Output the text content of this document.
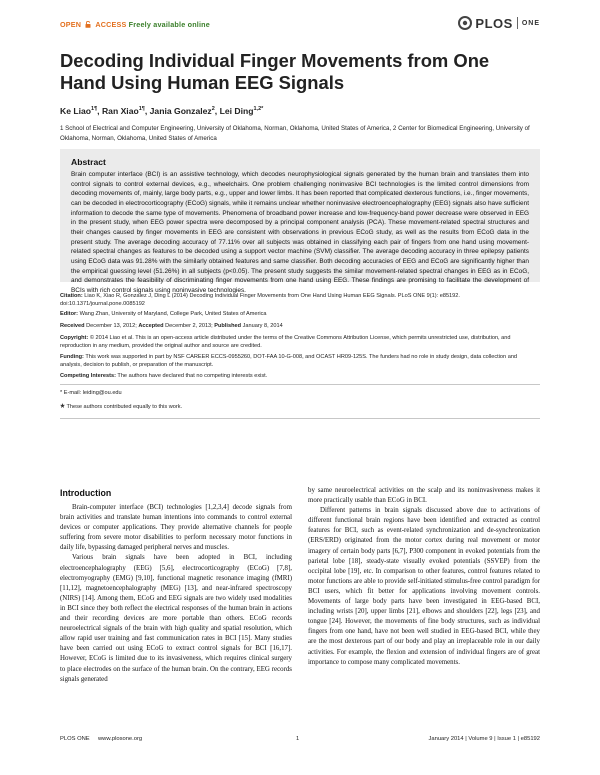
OPEN ACCESS Freely available online	PLOS ONE
Decoding Individual Finger Movements from One Hand Using Human EEG Signals
Ke Liao$^{1\P}$, Ran Xiao$^{1\P}$, Jania Gonzalez$^2$, Lei Ding$^{1,2*}$
1 School of Electrical and Computer Engineering, University of Oklahoma, Norman, Oklahoma, United States of America, 2 Center for Biomedical Engineering, University of Oklahoma, Norman, Oklahoma, United States of America
Abstract

Brain computer interface (BCI) is an assistive technology, which decodes neurophysiological signals generated by the human brain and translates them into control signals to control external devices, e.g., wheelchairs. One problem challenging noninvasive BCI technologies is the limited control dimensions from decoding movements of, mainly, large body parts, e.g., upper and lower limbs. It has been reported that complicated dexterous functions, i.e., finger movements, can be decoded in electrocorticography (ECoG) signals, while it remains unclear whether noninvasive electroencephalography (EEG) signals also have sufficient information to decode the same type of movements. Phenomena of broadband power increase and low-frequency-band power decrease were observed in EEG in the present study, when EEG power spectra were decomposed by a principal component analysis (PCA). These movement-related spectral structures and their changes caused by finger movements in EEG are consistent with observations in previous ECoG study, as well as the results from ECoG data in the present study. The average decoding accuracy of 77.11% over all subjects was obtained in classifying each pair of fingers from one hand using movement-related spectral changes as features to be decoded using a support vector machine (SVM) classifier. The average decoding accuracy in three epilepsy patients using ECoG data was 91.28% with the similarly obtained features and same classifier. Both decoding accuracies of EEG and ECoG are significantly higher than the empirical guessing level (51.26%) in all subjects (p<0.05). The present study suggests the similar movement-related spectral changes in EEG as in ECoG, and demonstrates the feasibility of discriminating finger movements from one hand using EEG. These findings are promising to facilitate the development of BCIs with rich control signals using noninvasive technologies.

Citation: Liao K, Xiao R, Gonzalez J, Ding L (2014) Decoding Individual Finger Movements from One Hand Using Human EEG Signals. PLoS ONE 9(1): e85192. doi:10.1371/journal.pone.0085192
Editor: Wang Zhan, University of Maryland, College Park, United States of America
Received December 13, 2012; Accepted December 2, 2013; Published January 8, 2014
Copyright: © 2014 Liao et al. This is an open-access article distributed under the terms of the Creative Commons Attribution License, which permits unrestricted use, distribution, and reproduction in any medium, provided the original author and source are credited.
Funding: This work was supported in part by NSF CAREER ECCS-0955260, DOT-FAA 10-G-008, and OCAST HR09-125S. The funders had no role in study design, data collection and analysis, decision to publish, or preparation of the manuscript.
Competing Interests: The authors have declared that no competing interests exist.
* E-mail: leiding@ou.edu
These authors contributed equally to this work.
Introduction

Brain-computer interface (BCI) technologies [1,2,3,4] decode signals from brain activities and translate human intentions into commands to control external devices or computer applications. They provide alternative channels for people suffering from severe motor disabilities to perform necessary motor functions in daily life, bypassing damaged peripheral nerves and muscles.

Various brain signals have been adopted in BCI, including electroencephalography (EEG) [5,6], electrocorticography (ECoG) [7,8], electromyography (EMG) [9,10], functional magnetic resonance imaging (fMRI) [11,12], magnetoencephalography (MEG) [13], and near-infrared spectroscopy (NIRS) [14]. Among them, ECoG and EEG signals are two widely used modalities in BCI since they both reflect the electrical responses of the human brain in actions and their recording devices are more portable than others. ECoG records neuroelectrical signals of the brain with high quality and spatial resolution, which allow rapid user training and fast communication rates in BCI [15]. Many studies have been carried out using ECoG to extract control signals for BCI [16,17]. However, ECoG is limited due to its invasiveness, which requires clinical surgery to place electrodes on the surface of the human brain. On the contrary, EEG records signals generated

by same neuroelectrical activities on the scalp and its noninvasiveness makes it more practically usable than ECoG in BCI.

Different patterns in brain signals discussed above due to activations of different functional brain regions have been identified and extracted as control features for BCI, such as event-related synchronization and de-synchronization (ERS/ERD) originated from the motor cortex during real movement or motor imagery of certain body parts [6,7], P300 component in evoked potentials from the parietal lobe [18], steady-state visually evoked potentials (SSVEP) from the occipital lobe [19], etc. In comparison to other features, control features related to motor functions are able to provide self-initiated stimulus-free control paradigm for BCI users, which fit better for applications involving movement controls. Movements of large body parts have been investigated in EEG-based BCI, including wrists [20], upper limbs [21], elbows and shoulders [22], legs [23], and tongue [24]. However, the movements of fine body structures, such as individual fingers from one hand, have not been well studied in EEG-based BCI, while they are the most dexterous part of our body and play an irreplaceable role in our daily activities. For example, the flexion and extension of individual fingers are of great importance to compose many complicated movements.

PLOS ONE www.plosone.org	1	January 2014 | Volume 9 | Issue 1 | e85192
